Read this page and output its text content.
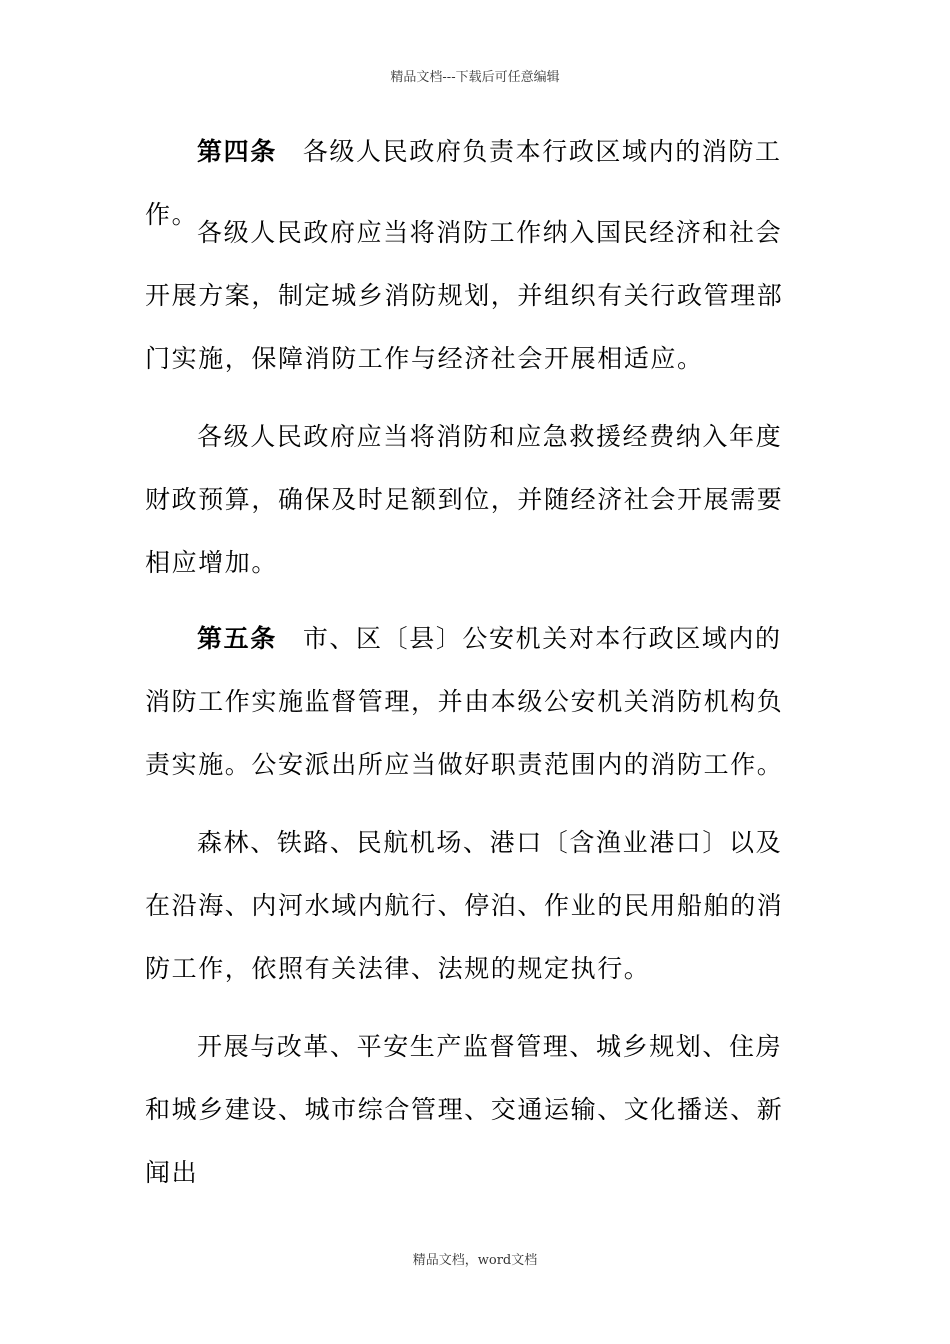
精品文档---下载后可任意编辑

第四条 各级人民政府负责本行政区域内的消防工作。

各级人民政府应当将消防工作纳入国民经济和社会开展方案，制定城乡消防规划，并组织有关行政管理部门实施，保障消防工作与经济社会开展相适应。

各级人民政府应当将消防和应急救援经费纳入年度财政预算，确保及时足额到位，并随经济社会开展需要相应增加。

第五条 市、区〔县〕公安机关对本行政区域内的消防工作实施监督管理，并由本级公安机关消防机构负责实施。公安派出所应当做好职责范围内的消防工作。

森林、铁路、民航机场、港口〔含渔业港口〕以及在沿海、内河水域内航行、停泊、作业的民用船舶的消防工作，依照有关法律、法规的规定执行。

开展与改革、平安生产监督管理、城乡规划、住房和城乡建设、城市综合管理、交通运输、文化播送、新闻出

精品文档，word文档
